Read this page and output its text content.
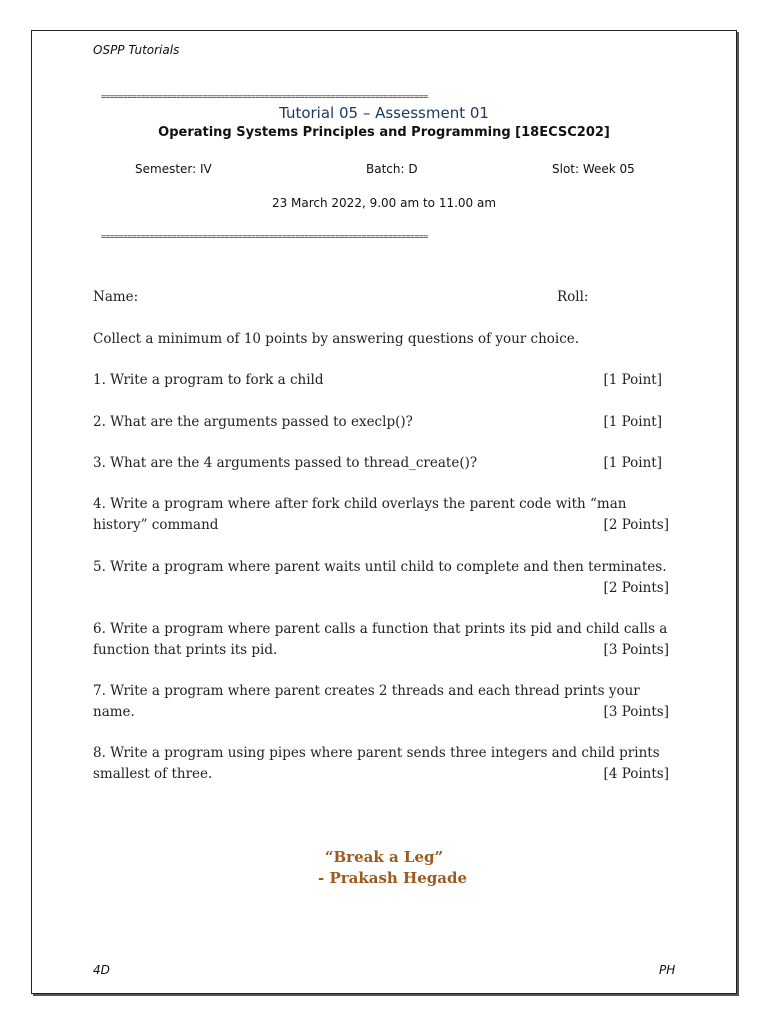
OSPP Tutorials

==========================================================================

Tutorial 05 – Assessment 01

Operating Systems Principles and Programming [18ECSC202]

Semester: IV	Batch: D	Slot: Week 05

23 March 2022, 9.00 am to 11.00 am

==========================================================================

Name:	Roll:

Collect a minimum of 10 points by answering questions of your choice.

1. Write a program to fork a child	[1 Point]
2. What are the arguments passed to execlp()?	[1 Point]
3. What are the 4 arguments passed to thread_create()?	[1 Point]
4. Write a program where after fork child overlays the parent code with “man
history” command	[2 Points]
5. Write a program where parent waits until child to complete and then terminates.
[2 Points]
6. Write a program where parent calls a function that prints its pid and child calls a
function that prints its pid.	[3 Points]
7. Write a program where parent creates 2 threads and each thread prints your
name.	[3 Points]
8. Write a program using pipes where parent sends three integers and child prints
smallest of three.	[4 Points]

“Break a Leg”

- Prakash Hegade

4D	PH
